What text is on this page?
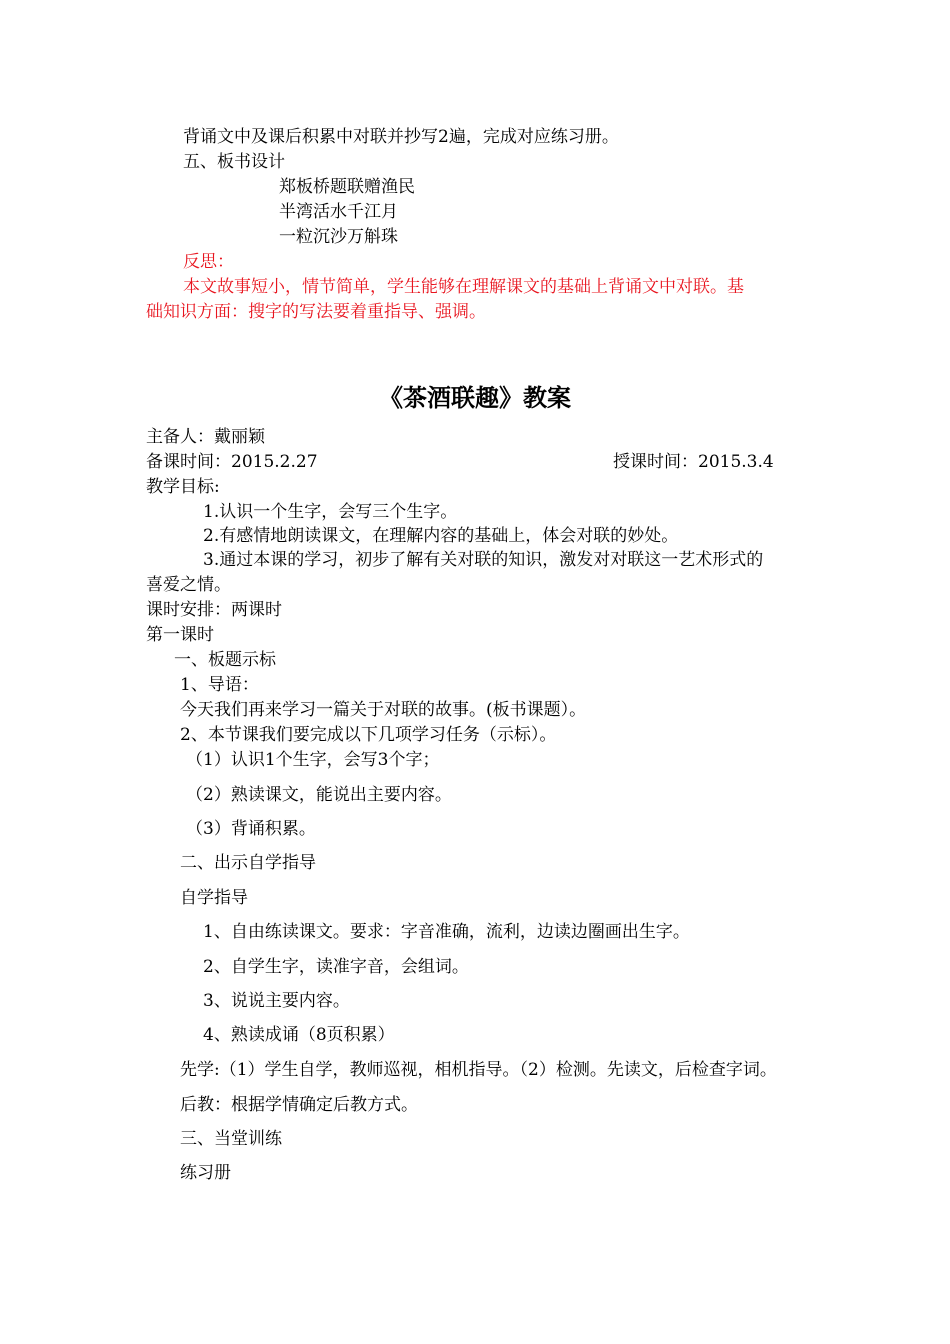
背诵文中及课后积累中对联并抄写2遍，完成对应练习册。
五、板书设计
郑板桥题联赠渔民
半湾活水千江月
一粒沉沙万斛珠
反思：
本文故事短小，情节简单，学生能够在理解课文的基础上背诵文中对联。基
础知识方面：搜字的写法要着重指导、强调。
《茶酒联趣》教案
主备人：戴丽颖
备课时间：2015.2.27	授课时间：2015.3.4
教学目标:
1.认识一个生字，会写三个生字。
2.有感情地朗读课文，在理解内容的基础上，体会对联的妙处。
3.通过本课的学习，初步了解有关对联的知识，激发对对联这一艺术形式的
喜爱之情。
课时安排：两课时
第一课时
一、板题示标
1、导语：
今天我们再来学习一篇关于对联的故事。(板书课题）。
2、本节课我们要完成以下几项学习任务（示标）。
（1）认识1个生字，会写3个字；
（2）熟读课文，能说出主要内容。
（3）背诵积累。
二、出示自学指导
自学指导
1、自由练读课文。要求：字音准确，流利，边读边圈画出生字。
2、自学生字，读准字音，会组词。
3、说说主要内容。
4、熟读成诵（8页积累）
先学:（1）学生自学，教师巡视，相机指导。（2）检测。先读文，后检查字词。
后教：根据学情确定后教方式。
三、当堂训练
练习册
